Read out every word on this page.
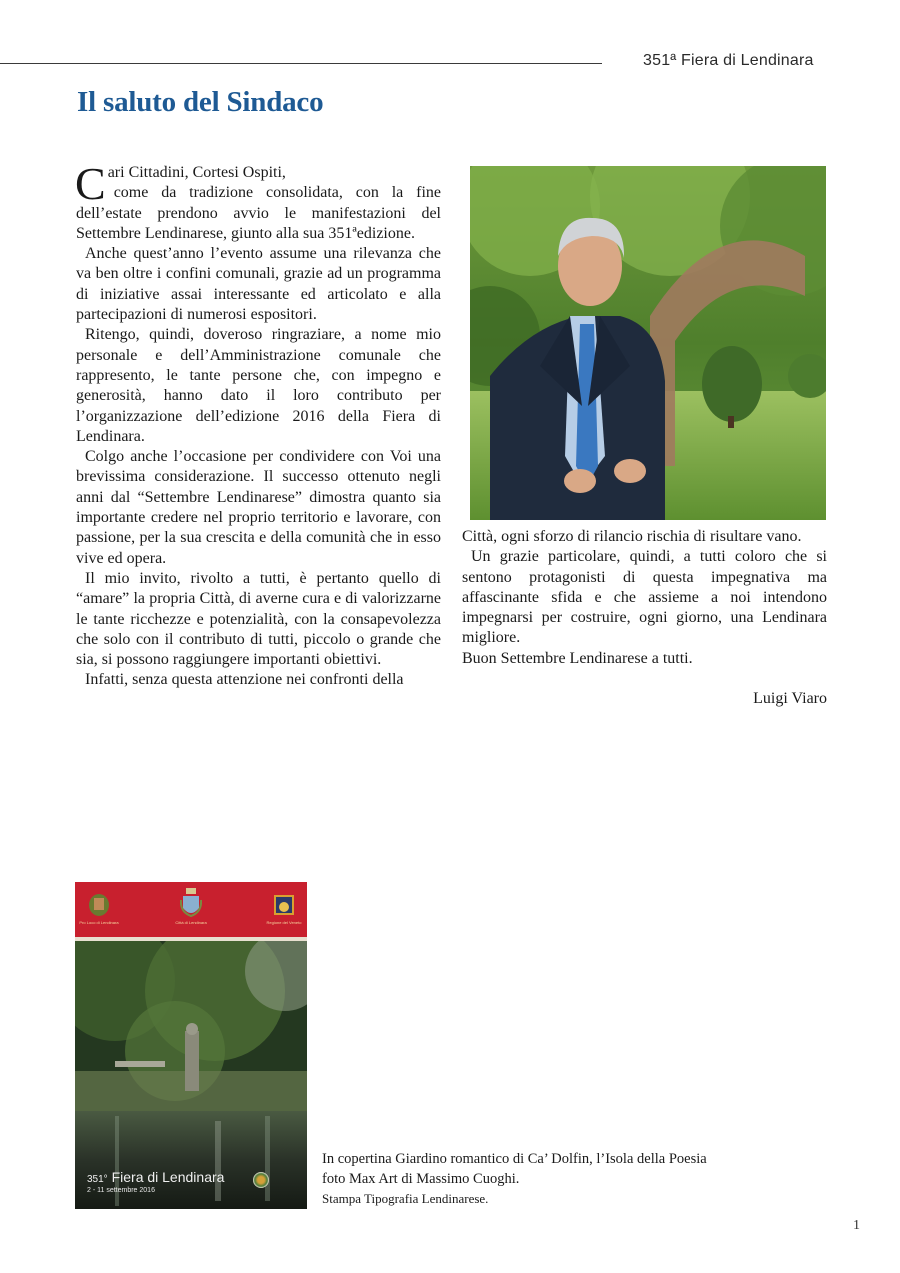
351ª Fiera di Lendinara
Il saluto del Sindaco

Cari Cittadini, Cortesi Ospiti,
come da tradizione consolidata, con la fine dell’estate prendono avvio le manifestazioni del Settembre Lendinarese, giunto alla sua 351ªedizione.

Anche quest’anno l’evento assume una rilevanza che va ben oltre i confini comunali, grazie ad un programma di iniziative assai interessante ed articolato e alla partecipazioni di numerosi espositori.

Ritengo, quindi, doveroso ringraziare, a nome mio personale e dell’Amministrazione comunale che rappresento, le tante persone che, con impegno e generosità, hanno dato il loro contributo per l’organizzazione dell’edizione 2016 della Fiera di Lendinara.

Colgo anche l’occasione per condividere con Voi una brevissima considerazione. Il successo ottenuto negli anni dal “Settembre Lendinarese” dimostra quanto sia importante credere nel proprio territorio e lavorare, con passione, per la sua crescita e della comunità che in esso vive ed opera.

Il mio invito, rivolto a tutti, è pertanto quello di “amare” la propria Città, di averne cura e di valorizzarne le tante ricchezze e potenzialità, con la consapevolezza che solo con il contributo di tutti, piccolo o grande che sia, si possono raggiungere importanti obiettivi.

Infatti, senza questa attenzione nei confronti della

Città, ogni sforzo di rilancio rischia di risultare vano.

Un grazie particolare, quindi, a tutti coloro che si sentono protagonisti di questa impegnativa ma affascinante sfida e che assieme a noi intendono impegnarsi per costruire, ogni giorno, una Lendinara migliore.

Buon Settembre Lendinarese a tutti.

Luigi Viaro
Pro Loco di Lendinara	Città di Lendinara	Regione del Veneto
351° Fiera di Lendinara
2 - 11 settembre 2016
In copertina Giardino romantico di Ca’ Dolfin, l’Isola della Poesia
foto Max Art di Massimo Cuoghi.
Stampa Tipografia Lendinarese.
1
